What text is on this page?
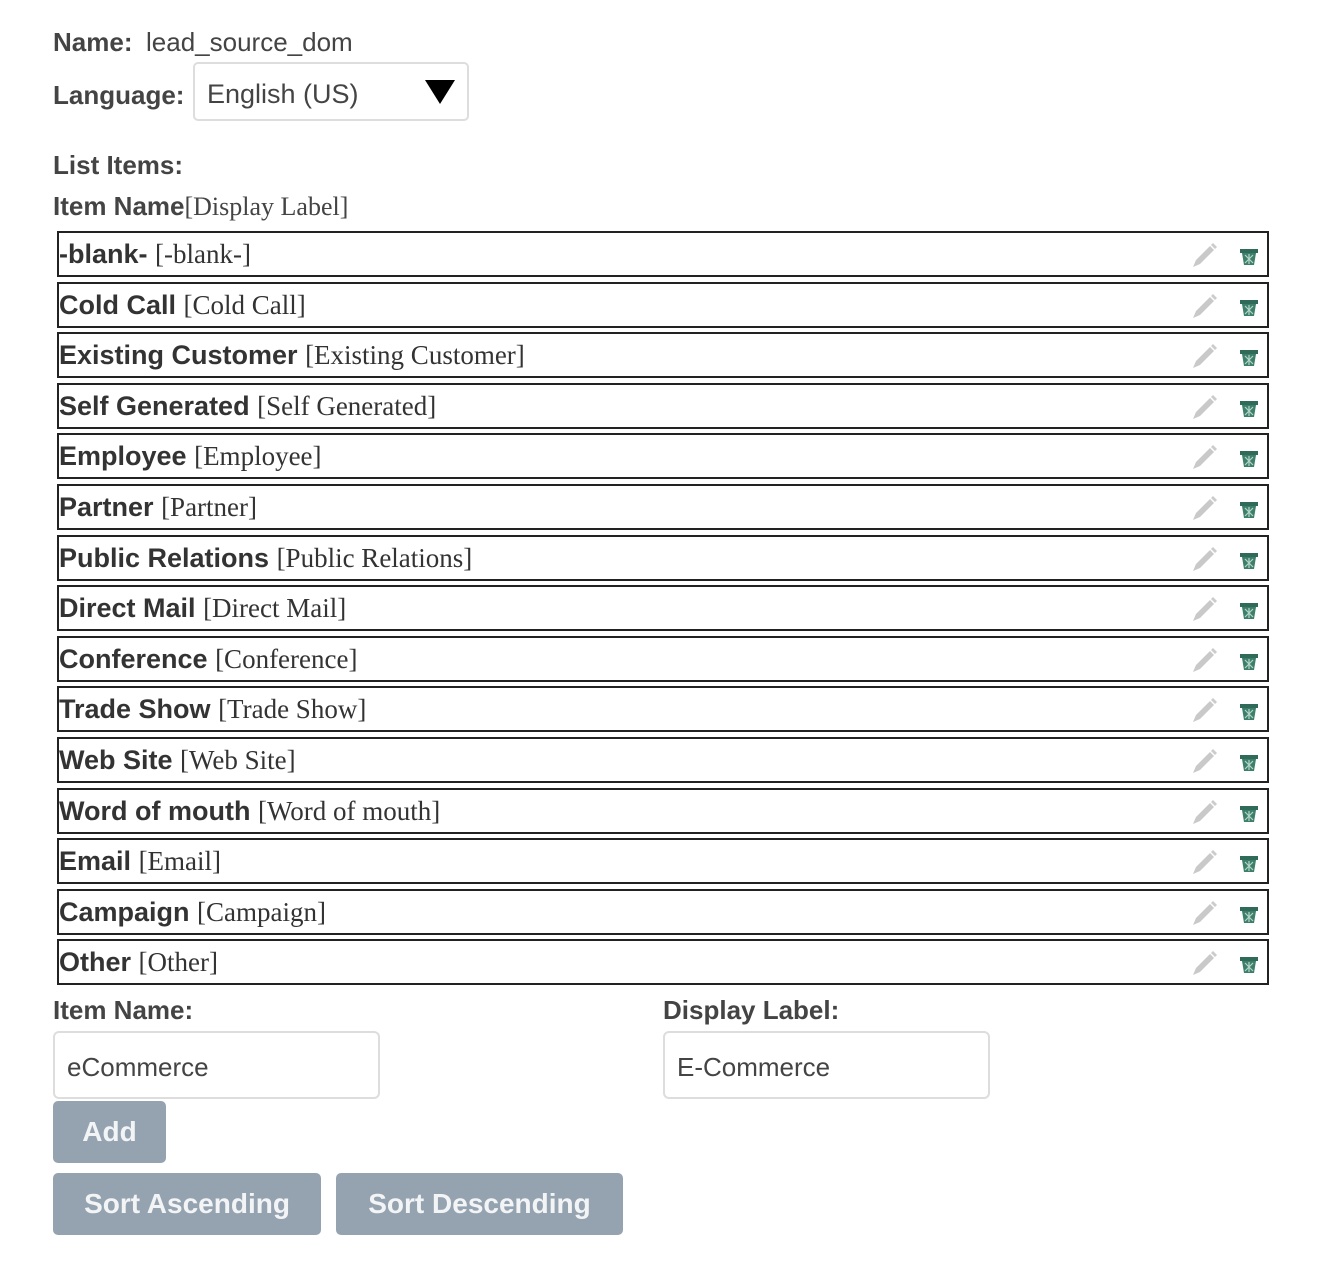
Name: lead_source_dom
Language: English (US)
List Items:
Item Name[Display Label]
-blank- [-blank-]
Cold Call [Cold Call]
Existing Customer [Existing Customer]
Self Generated [Self Generated]
Employee [Employee]
Partner [Partner]
Public Relations [Public Relations]
Direct Mail [Direct Mail]
Conference [Conference]
Trade Show [Trade Show]
Web Site [Web Site]
Word of mouth [Word of mouth]
Email [Email]
Campaign [Campaign]
Other [Other]
Item Name:
eCommerce
Display Label:
E-Commerce
Add
Sort Ascending	Sort Descending
